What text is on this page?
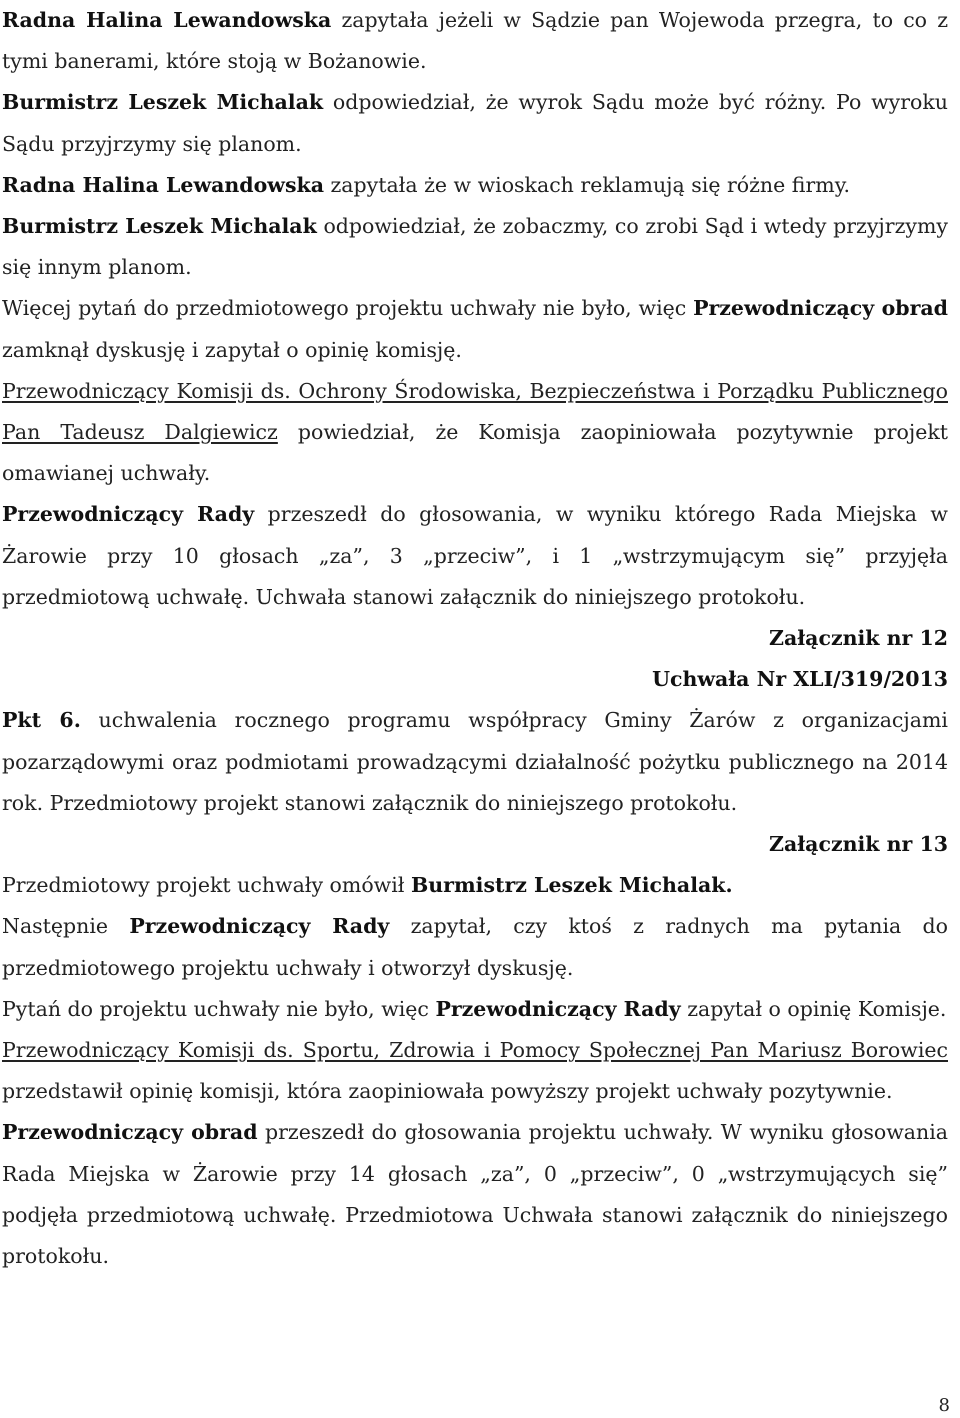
Radna Halina Lewandowska zapytała jeżeli w Sądzie pan Wojewoda przegra, to co z tymi banerami, które stoją w Bożanowie.

Burmistrz Leszek Michalak odpowiedział, że wyrok Sądu może być różny. Po wyroku Sądu przyjrzymy się planom.

Radna Halina Lewandowska zapytała że w wioskach reklamują się różne firmy.

Burmistrz Leszek Michalak odpowiedział, że zobaczmy, co zrobi Sąd i wtedy przyjrzymy się innym planom.

Więcej pytań do przedmiotowego projektu uchwały nie było, więc Przewodniczący obrad zamknął dyskusję i zapytał o opinię komisję.

Przewodniczący Komisji ds. Ochrony Środowiska, Bezpieczeństwa i Porządku Publicznego Pan Tadeusz Dalgiewicz powiedział, że Komisja zaopiniowała pozytywnie projekt omawianej uchwały.

Przewodniczący Rady przeszedł do głosowania, w wyniku którego Rada Miejska w Żarowie przy 10 głosach „za”, 3 „przeciw”, i 1 „wstrzymującym się” przyjęła przedmiotową uchwałę. Uchwała stanowi załącznik do niniejszego protokołu.

Załącznik nr 12

Uchwała Nr XLI/319/2013

Pkt 6. uchwalenia rocznego programu współpracy Gminy Żarów z organizacjami pozarządowymi oraz podmiotami prowadzącymi działalność pożytku publicznego na 2014 rok. Przedmiotowy projekt stanowi załącznik do niniejszego protokołu.

Załącznik nr 13

Przedmiotowy projekt uchwały omówił Burmistrz Leszek Michalak.

Następnie Przewodniczący Rady zapytał, czy ktoś z radnych ma pytania do przedmiotowego projektu uchwały i otworzył dyskusję.

Pytań do projektu uchwały nie było, więc Przewodniczący Rady zapytał o opinię Komisje.

Przewodniczący Komisji ds. Sportu, Zdrowia i Pomocy Społecznej Pan Mariusz Borowiec przedstawił opinię komisji, która zaopiniowała powyższy projekt uchwały pozytywnie.

Przewodniczący obrad przeszedł do głosowania projektu uchwały. W wyniku głosowania Rada Miejska w Żarowie przy 14 głosach „za”, 0 „przeciw”, 0 „wstrzymujących się” podjęła przedmiotową uchwałę. Przedmiotowa Uchwała stanowi załącznik do niniejszego protokołu.

8
